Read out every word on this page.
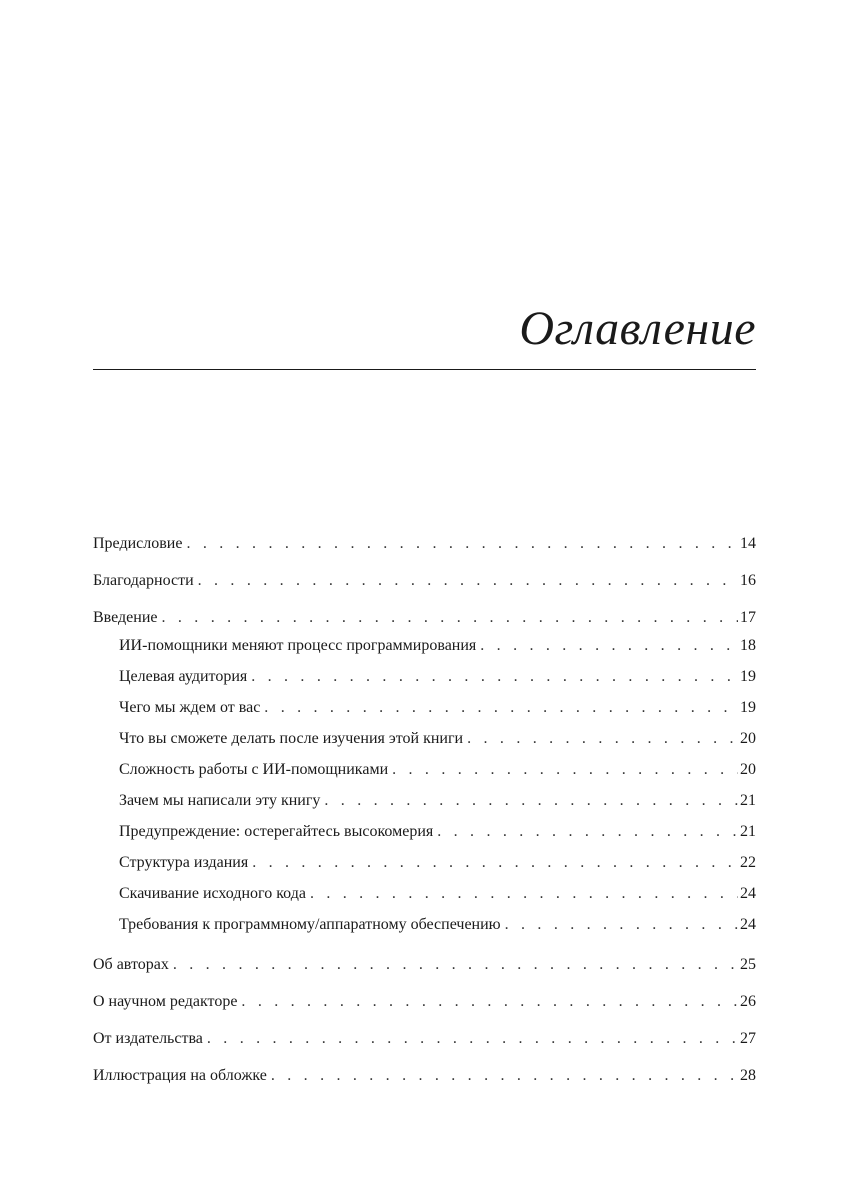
Оглавление
Предисловие . . .	14
Благодарности . . .	16
Введение . . .	17
ИИ-помощники меняют процесс программирования . . .	18
Целевая аудитория . . .	19
Чего мы ждем от вас . . .	19
Что вы сможете делать после изучения этой книги . . .	20
Сложность работы с ИИ-помощниками . . .	20
Зачем мы написали эту книгу . . .	21
Предупреждение: остерегайтесь высокомерия . . .	21
Структура издания . . .	22
Скачивание исходного кода . . .	24
Требования к программному/аппаратному обеспечению . . .	24
Об авторах . . .	25
О научном редакторе . . .	26
От издательства . . .	27
Иллюстрация на обложке . . .	28
